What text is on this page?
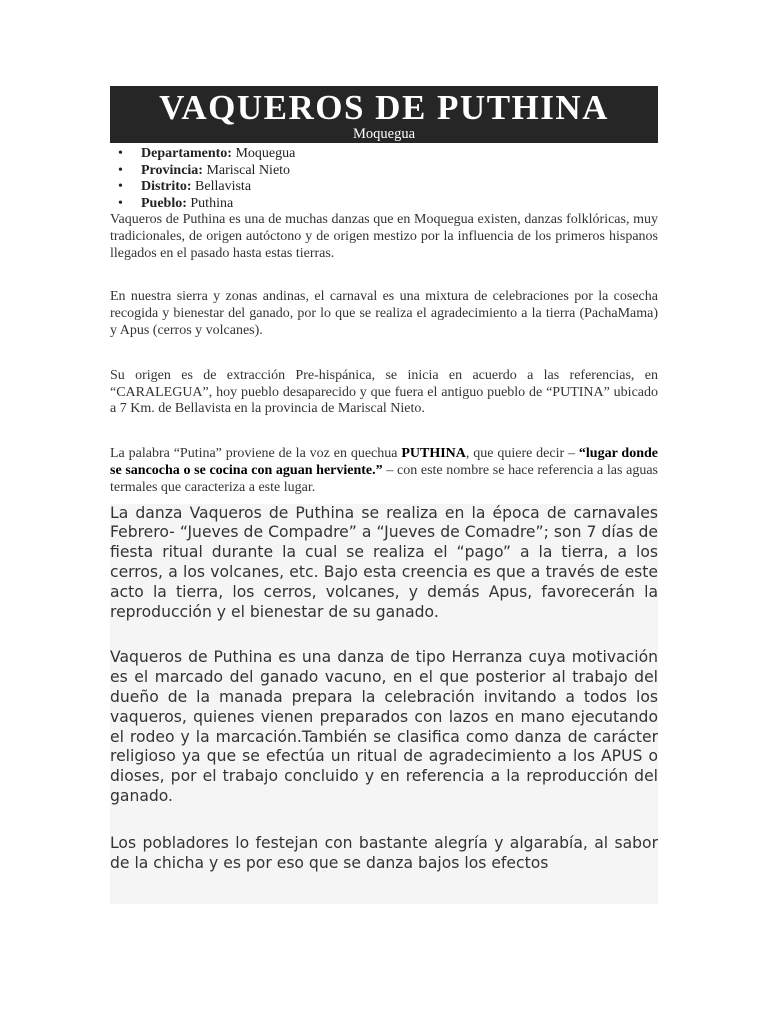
VAQUEROS DE PUTHINA
Moquegua
• Departamento: Moquegua
• Provincia: Mariscal Nieto
• Distrito: Bellavista
• Pueblo: Puthina

Vaqueros de Puthina es una de muchas danzas que en Moquegua existen, danzas folklóricas, muy tradicionales, de origen autóctono y de origen mestizo por la influencia de los primeros hispanos llegados en el pasado hasta estas tierras.

En nuestra sierra y zonas andinas, el carnaval es una mixtura de celebraciones por la cosecha recogida y bienestar del ganado, por lo que se realiza el agradecimiento a la tierra (PachaMama) y Apus (cerros y volcanes).

Su origen es de extracción Pre-hispánica, se inicia en acuerdo a las referencias, en “CARALEGUA”, hoy pueblo desaparecido y que fuera el antiguo pueblo de “PUTINA” ubicado a 7 Km. de Bellavista en la provincia de Mariscal Nieto.

La palabra “Putina” proviene de la voz en quechua PUTHINA, que quiere decir – “lugar donde se sancocha o se cocina con aguan herviente.” – con este nombre se hace referencia a las aguas termales que caracteriza a este lugar.

La danza Vaqueros de Puthina se realiza en la época de carnavales Febrero- “Jueves de Compadre” a “Jueves de Comadre”; son 7 días de fiesta ritual durante la cual se realiza el “pago” a la tierra, a los cerros, a los volcanes, etc. Bajo esta creencia es que a través de este acto la tierra, los cerros, volcanes, y demás Apus, favorecerán la reproducción y el bienestar de su ganado.

Vaqueros de Puthina es una danza de tipo Herranza cuya motivación es el marcado del ganado vacuno, en el que posterior al trabajo del dueño de la manada prepara la celebración invitando a todos los vaqueros, quienes vienen preparados con lazos en mano ejecutando el rodeo y la marcación.También se clasifica como danza de carácter religioso ya que se efectúa un ritual de agradecimiento a los APUS o dioses, por el trabajo concluido y en referencia a la reproducción del ganado.

Los pobladores lo festejan con bastante alegría y algarabía, al sabor de la chicha y es por eso que se danza bajos los efectos
